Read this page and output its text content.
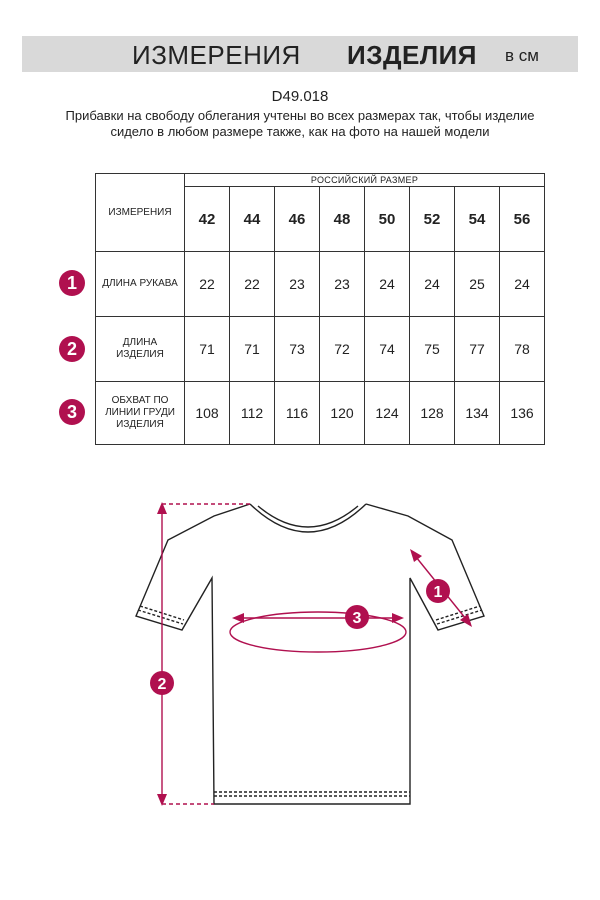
ИЗМЕРЕНИЯ ИЗДЕЛИЯ в см
D49.018
Прибавки на свободу облегания учтены во всех размерах так, чтобы изделие сидело в любом размере также, как на фото на нашей модели
ИЗМЕРЕНИЯ	РОССИЙСКИЙ РАЗМЕР							
	42	44	46	48	50	52	54	56
ДЛИНА РУКАВА	22	22	23	23	24	24	25	24
ДЛИНА ИЗДЕЛИЯ	71	71	73	72	74	75	77	78
ОБХВАТ ПО ЛИНИИ ГРУДИ ИЗДЕЛИЯ	108	112	116	120	124	128	134	136
1
2
3
2
3
1
